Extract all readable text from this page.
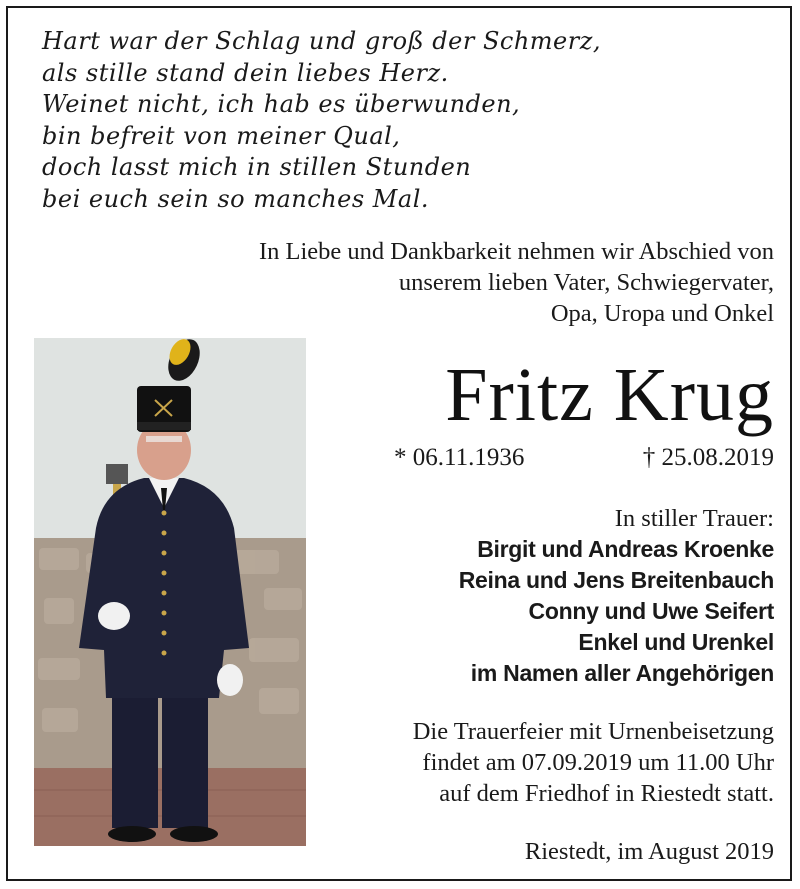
Hart war der Schlag und groß der Schmerz,
als stille stand dein liebes Herz.
Weinet nicht, ich hab es überwunden,
bin befreit von meiner Qual,
doch lasst mich in stillen Stunden
bei euch sein so manches Mal.
In Liebe und Dankbarkeit nehmen wir Abschied von
unserem lieben Vater, Schwiegervater,
Opa, Uropa und Onkel
Fritz Krug
* 06.11.1936	† 25.08.2019
In stiller Trauer:
Birgit und Andreas Kroenke
Reina und Jens Breitenbauch
Conny und Uwe Seifert
Enkel und Urenkel
im Namen aller Angehörigen
Die Trauerfeier mit Urnenbeisetzung
findet am 07.09.2019 um 11.00 Uhr
auf dem Friedhof in Riestedt statt.
Riestedt, im August 2019
